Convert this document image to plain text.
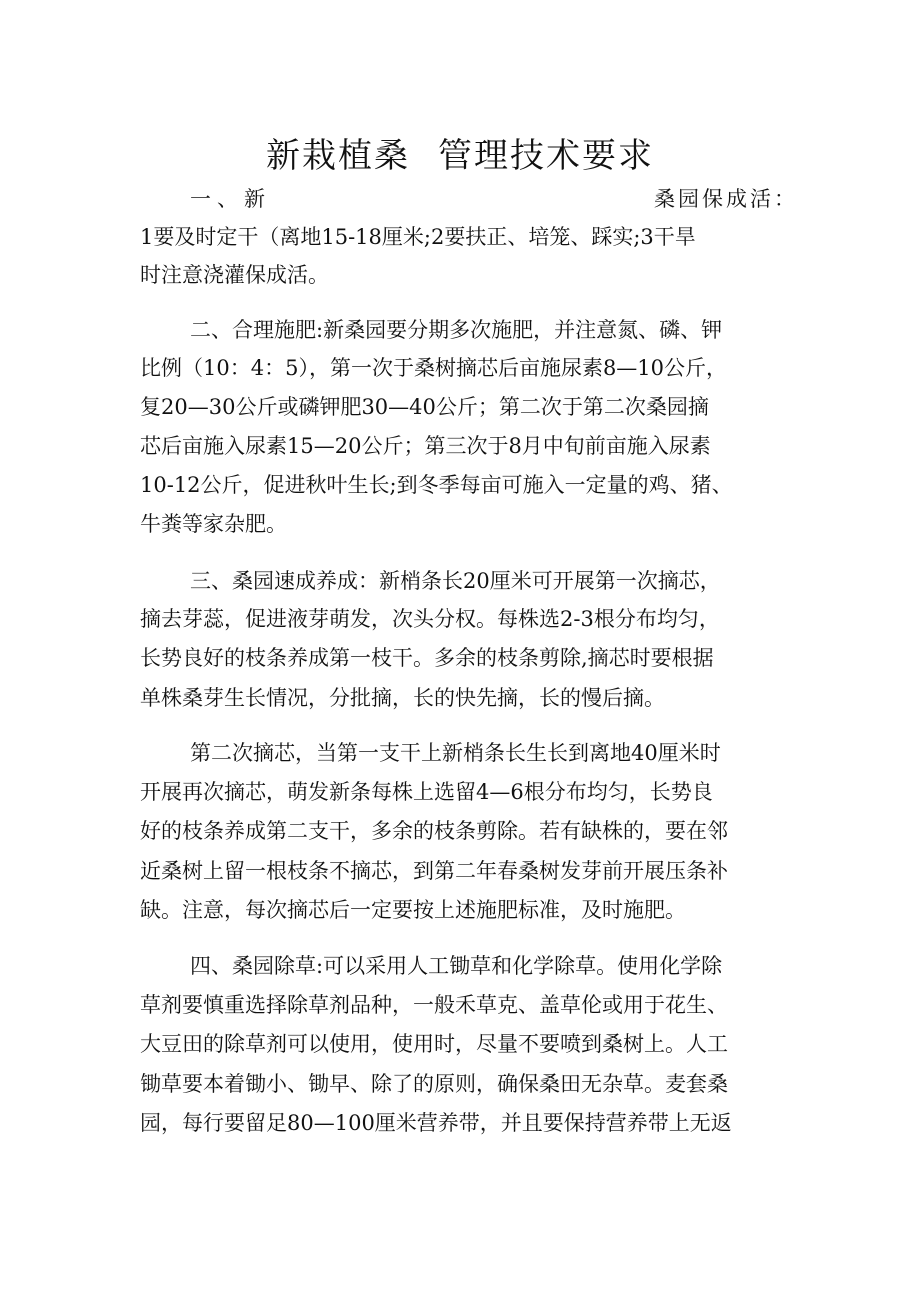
新栽植桑 管理技术要求
一、新	桑园保成活：
1要及时定干（离地15-18厘米;2要扶正、培笼、踩实;3干旱
时注意浇灌保成活。
二、合理施肥:新桑园要分期多次施肥，并注意氮、磷、钾
比例（10：4：5），第一次于桑树摘芯后亩施尿素8—10公斤，
复20—30公斤或磷钾肥30—40公斤；第二次于第二次桑园摘
芯后亩施入尿素15—20公斤；第三次于8月中旬前亩施入尿素
10-12公斤，促进秋叶生长;到冬季每亩可施入一定量的鸡、猪、
牛粪等家杂肥。
三、桑园速成养成：新梢条长20厘米可开展第一次摘芯，
摘去芽蕊，促进液芽萌发，次头分权。每株选2-3根分布均匀，
长势良好的枝条养成第一枝干。多余的枝条剪除,摘芯时要根据
单株桑芽生长情况，分批摘，长的快先摘，长的慢后摘。
第二次摘芯，当第一支干上新梢条长生长到离地40厘米时
开展再次摘芯，萌发新条每株上选留4—6根分布均匀，长势良
好的枝条养成第二支干，多余的枝条剪除。若有缺株的，要在邻
近桑树上留一根枝条不摘芯，到第二年春桑树发芽前开展压条补
缺。注意，每次摘芯后一定要按上述施肥标准，及时施肥。
四、桑园除草:可以采用人工锄草和化学除草。使用化学除
草剂要慎重选择除草剂品种，一般禾草克、盖草伦或用于花生、
大豆田的除草剂可以使用，使用时，尽量不要喷到桑树上。人工
锄草要本着锄小、锄早、除了的原则，确保桑田无杂草。麦套桑
园，每行要留足80—100厘米营养带，并且要保持营养带上无返
